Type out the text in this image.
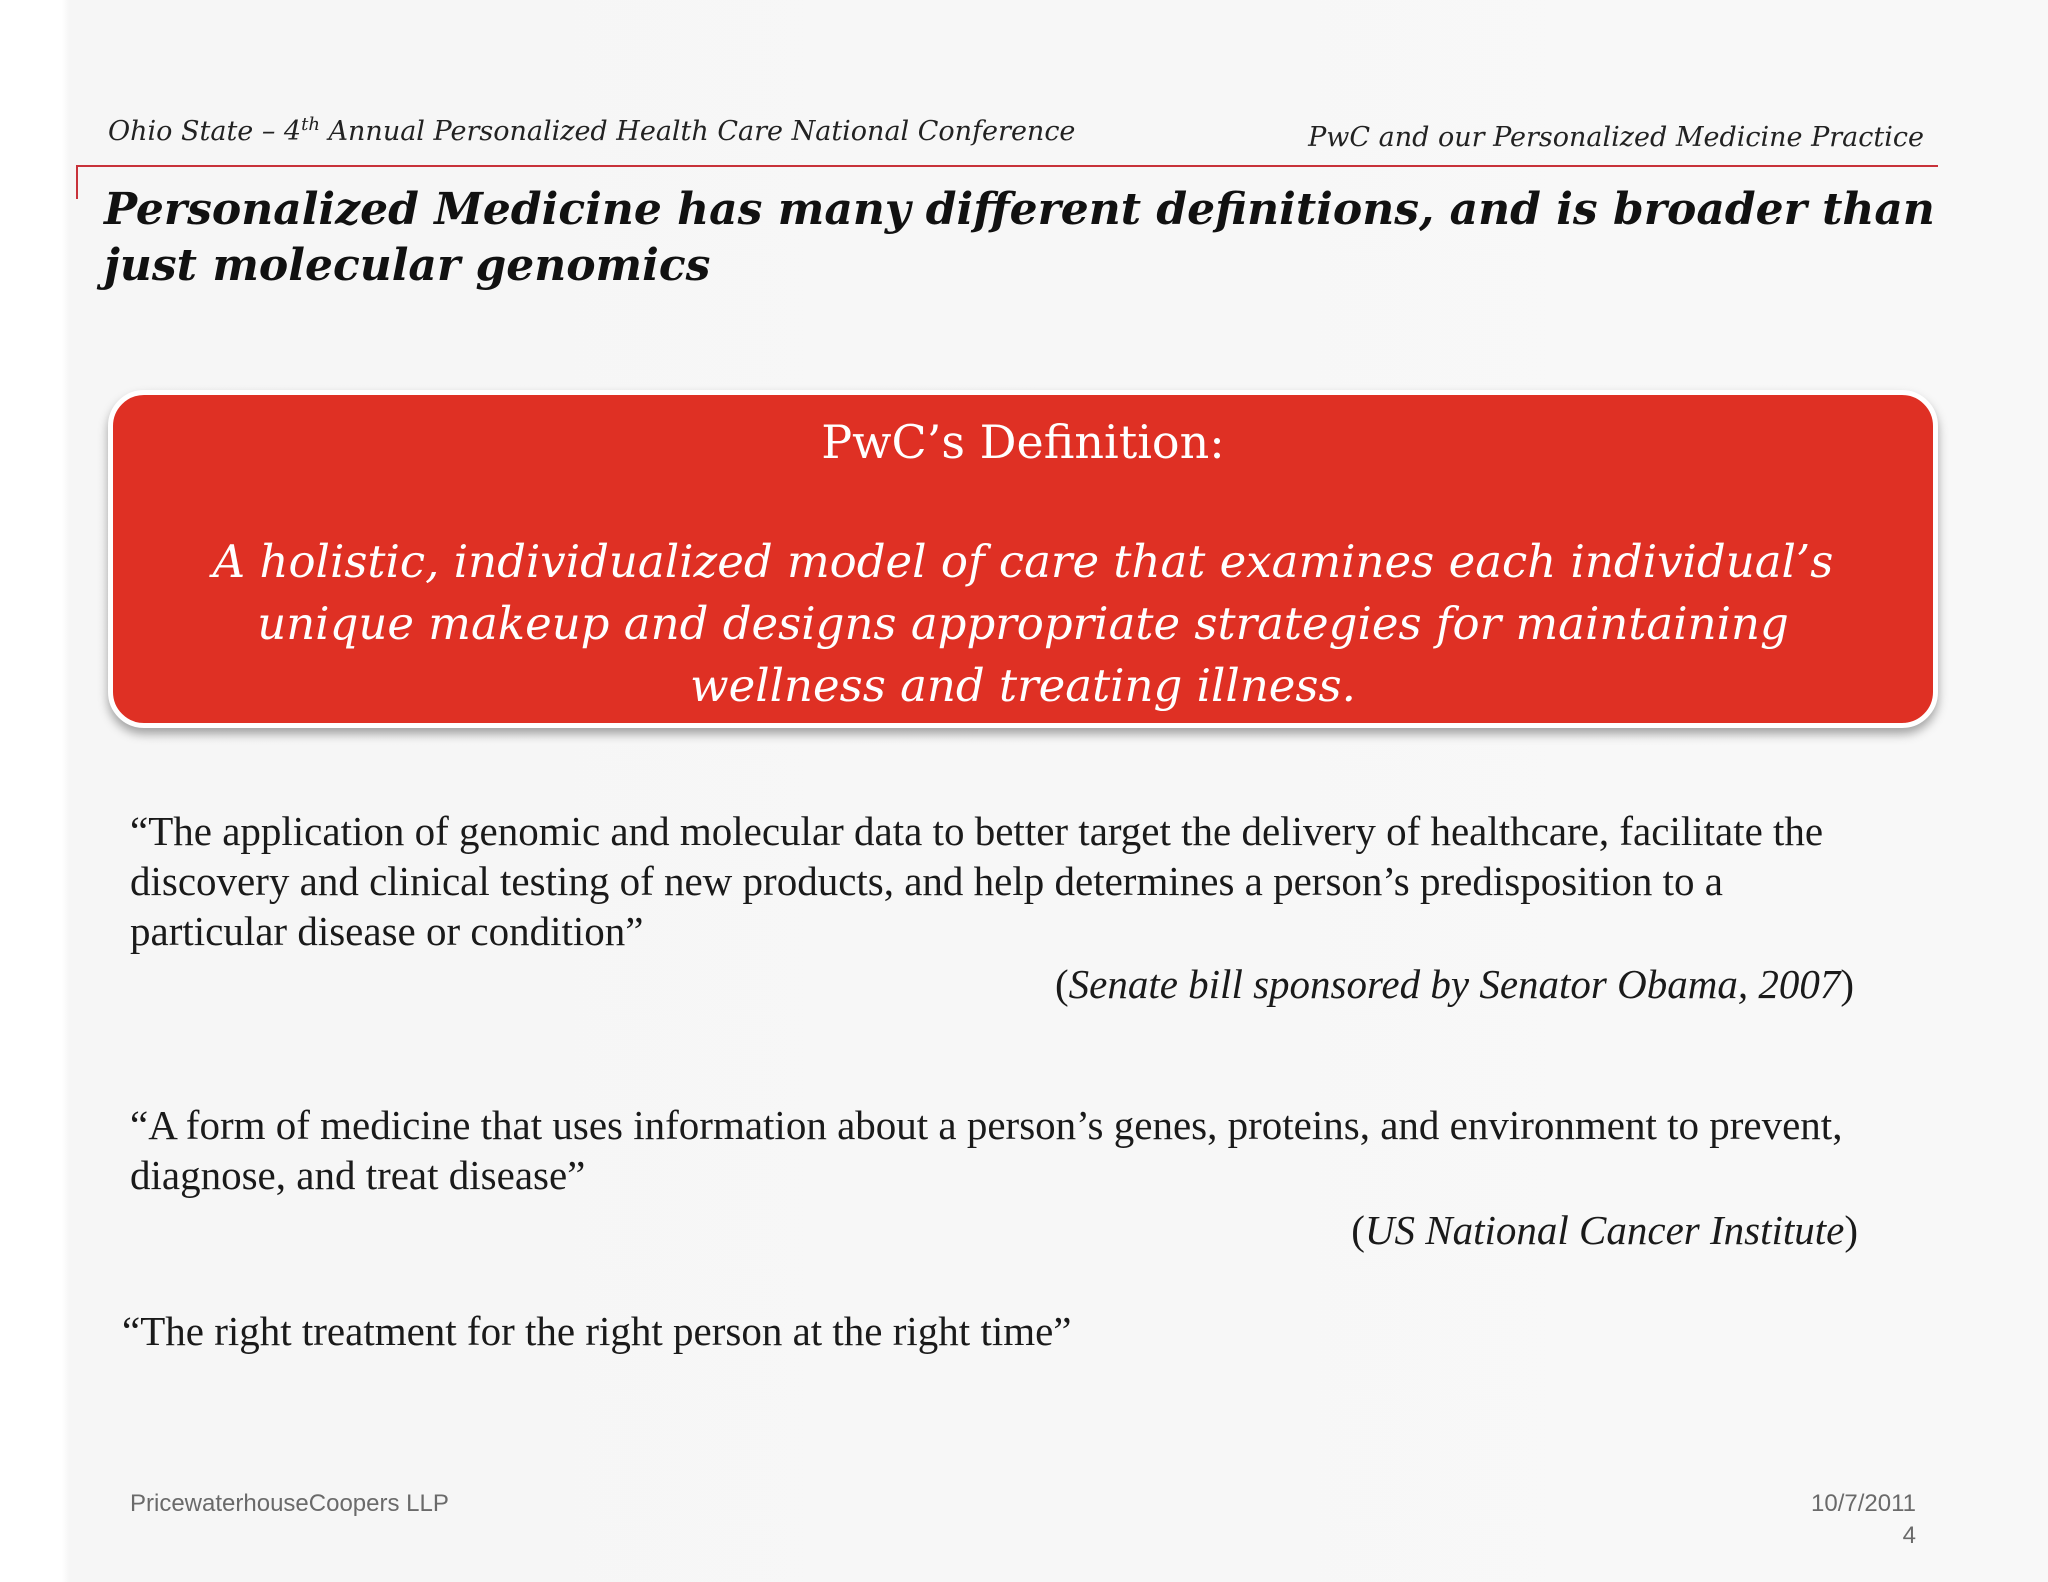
Ohio State – 4th Annual Personalized Health Care National Conference	PwC and our Personalized Medicine Practice
Personalized Medicine has many different definitions, and is broader than just molecular genomics
PwC’s Definition:
A holistic, individualized model of care that examines each individual’s unique makeup and designs appropriate strategies for maintaining wellness and treating illness.
“The application of genomic and molecular data to better target the delivery of healthcare, facilitate the discovery and clinical testing of new products, and help determines a person’s predisposition to a particular disease or condition”
(Senate bill sponsored by Senator Obama, 2007)
“A form of medicine that uses information about a person’s genes, proteins, and environment to prevent, diagnose, and treat disease”
(US National Cancer Institute)
“The right treatment for the right person at the right time”
PricewaterhouseCoopers LLP	10/7/2011
4
